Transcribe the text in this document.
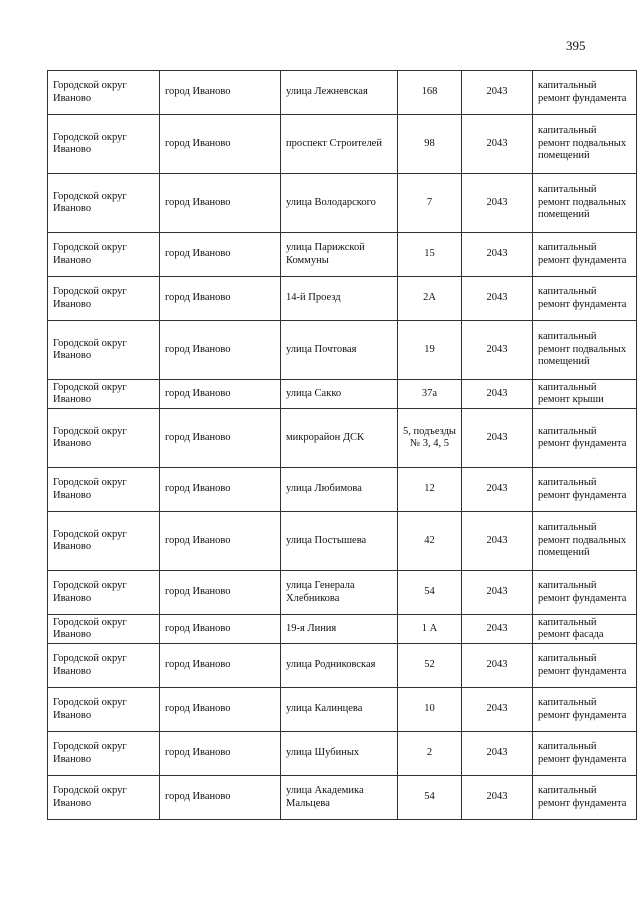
395
Городской округ Иваново	город Иваново	улица Лежневская	168	2043	капитальный ремонт фундамента
Городской округ Иваново	город Иваново	проспект Строителей	98	2043	капитальный ремонт подвальных помещений
Городской округ Иваново	город Иваново	улица Володарского	7	2043	капитальный ремонт подвальных помещений
Городской округ Иваново	город Иваново	улица Парижской Коммуны	15	2043	капитальный ремонт фундамента
Городской округ Иваново	город Иваново	14-й Проезд	2А	2043	капитальный ремонт фундамента
Городской округ Иваново	город Иваново	улица Почтовая	19	2043	капитальный ремонт подвальных помещений
Городской округ Иваново	город Иваново	улица Сакко	37а	2043	капитальный ремонт крыши
Городской округ Иваново	город Иваново	микрорайон ДСК	5, подъезды № 3, 4, 5	2043	капитальный ремонт фундамента
Городской округ Иваново	город Иваново	улица Любимова	12	2043	капитальный ремонт фундамента
Городской округ Иваново	город Иваново	улица Постышева	42	2043	капитальный ремонт подвальных помещений
Городской округ Иваново	город Иваново	улица Генерала Хлебникова	54	2043	капитальный ремонт фундамента
Городской округ Иваново	город Иваново	19-я Линия	1 А	2043	капитальный ремонт фасада
Городской округ Иваново	город Иваново	улица Родниковская	52	2043	капитальный ремонт фундамента
Городской округ Иваново	город Иваново	улица Калинцева	10	2043	капитальный ремонт фундамента
Городской округ Иваново	город Иваново	улица Шубиных	2	2043	капитальный ремонт фундамента
Городской округ Иваново	город Иваново	улица Академика Мальцева	54	2043	капитальный ремонт фундамента
